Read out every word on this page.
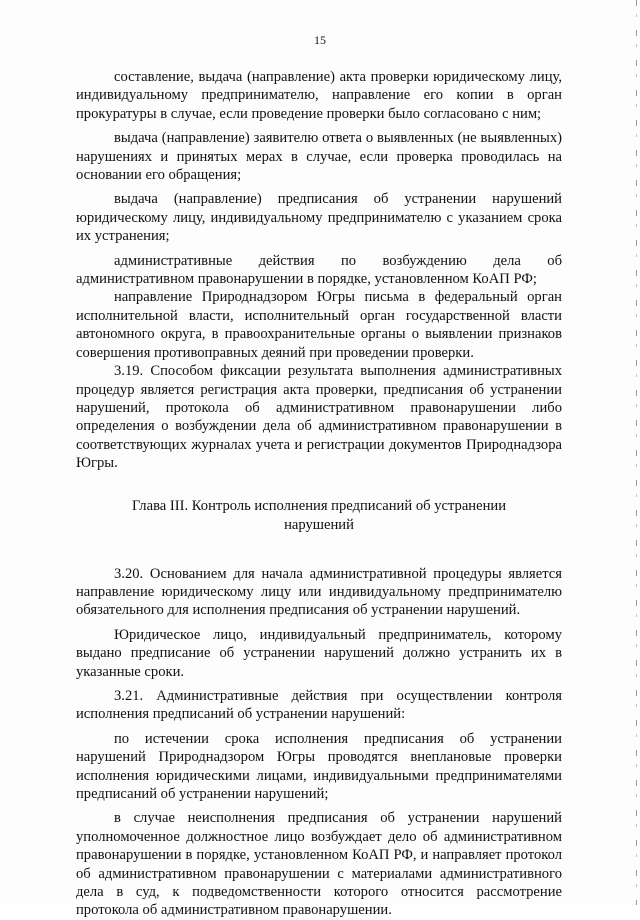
15

составление, выдача (направление) акта проверки юридическому лицу, индивидуальному предпринимателю, направление его копии в орган прокуратуры в случае, если проведение проверки было согласовано с ним;

выдача (направление) заявителю ответа о выявленных (не выявленных) нарушениях и принятых мерах в случае, если проверка проводилась на основании его обращения;

выдача (направление) предписания об устранении нарушений юридическому лицу, индивидуальному предпринимателю с указанием срока их устранения;

административные действия по возбуждению дела об административном правонарушении в порядке, установленном КоАП РФ;

направление Природнадзором Югры письма в федеральный орган исполнительной власти, исполнительный орган государственной власти автономного округа, в правоохранительные органы о выявлении признаков совершения противоправных деяний при проведении проверки.

3.19. Способом фиксации результата выполнения административных процедур является регистрация акта проверки, предписания об устранении нарушений, протокола об административном правонарушении либо определения о возбуждении дела об административном правонарушении в соответствующих журналах учета и регистрации документов Природнадзора Югры.

Глава III. Контроль исполнения предписаний об устранении нарушений

3.20. Основанием для начала административной процедуры является направление юридическому лицу или индивидуальному предпринимателю обязательного для исполнения предписания об устранении нарушений.

Юридическое лицо, индивидуальный предприниматель, которому выдано предписание об устранении нарушений должно устранить их в указанные сроки.

3.21. Административные действия при осуществлении контроля исполнения предписаний об устранении нарушений:

по истечении срока исполнения предписания об устранении нарушений Природнадзором Югры проводятся внеплановые проверки исполнения юридическими лицами, индивидуальными предпринимателями предписаний об устранении нарушений;

в случае неисполнения предписания об устранении нарушений уполномоченное должностное лицо возбуждает дело об административном правонарушении в порядке, установленном КоАП РФ, и направляет протокол об административном правонарушении с материалами административного дела в суд, к подведомственности которого относится рассмотрение протокола об административном правонарушении.
